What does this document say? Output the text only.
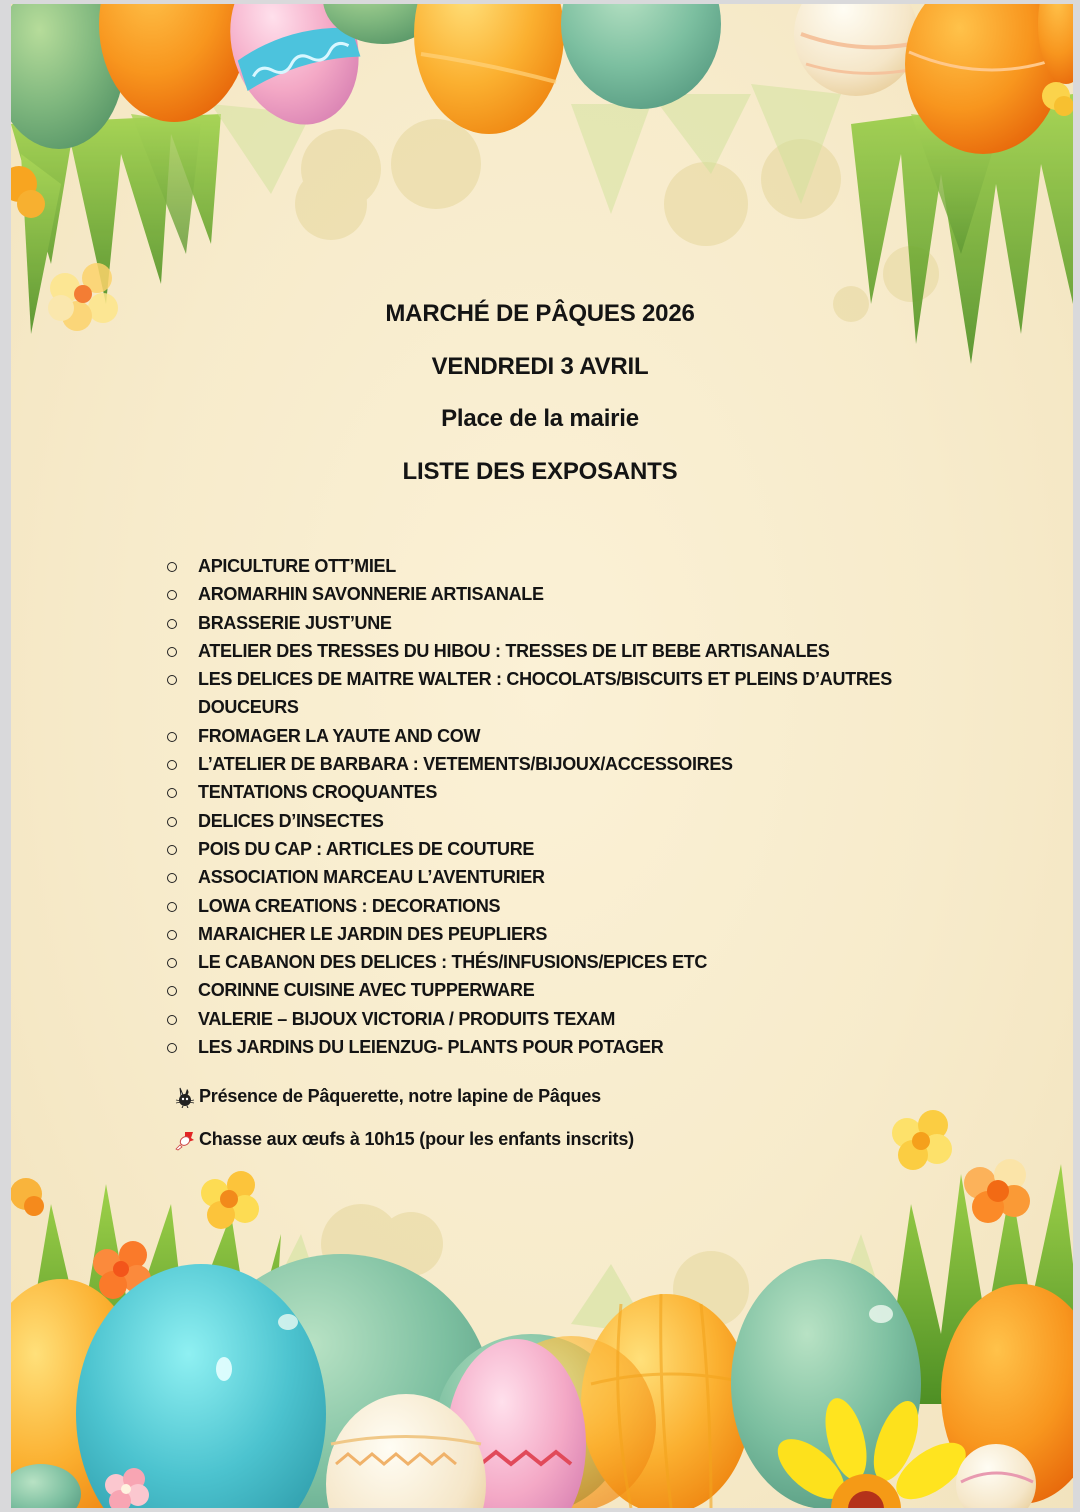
MARCHÉ DE PÂQUES 2026
VENDREDI 3 AVRIL
Place de la mairie
LISTE DES EXPOSANTS
APICULTURE OTT’MIEL
AROMARHIN SAVONNERIE ARTISANALE
BRASSERIE JUST’UNE
ATELIER DES TRESSES DU HIBOU : TRESSES DE LIT BEBE ARTISANALES
LES DELICES DE MAITRE WALTER : CHOCOLATS/BISCUITS ET PLEINS D’AUTRES DOUCEURS
FROMAGER LA YAUTE AND COW
L’ATELIER DE BARBARA : VETEMENTS/BIJOUX/ACCESSOIRES
TENTATIONS CROQUANTES
DELICES D’INSECTES
POIS DU CAP : ARTICLES DE COUTURE
ASSOCIATION MARCEAU L’AVENTURIER
LOWA CREATIONS : DECORATIONS
MARAICHER LE JARDIN DES PEUPLIERS
LE CABANON DES DELICES : THÉS/INFUSIONS/EPICES ETC
CORINNE CUISINE AVEC TUPPERWARE
VALERIE – BIJOUX VICTORIA / PRODUITS TEXAM
LES JARDINS DU LEIENZUG- PLANTS POUR POTAGER
Présence de Pâquerette, notre lapine de Pâques
Chasse aux œufs à 10h15 (pour les enfants inscrits)
